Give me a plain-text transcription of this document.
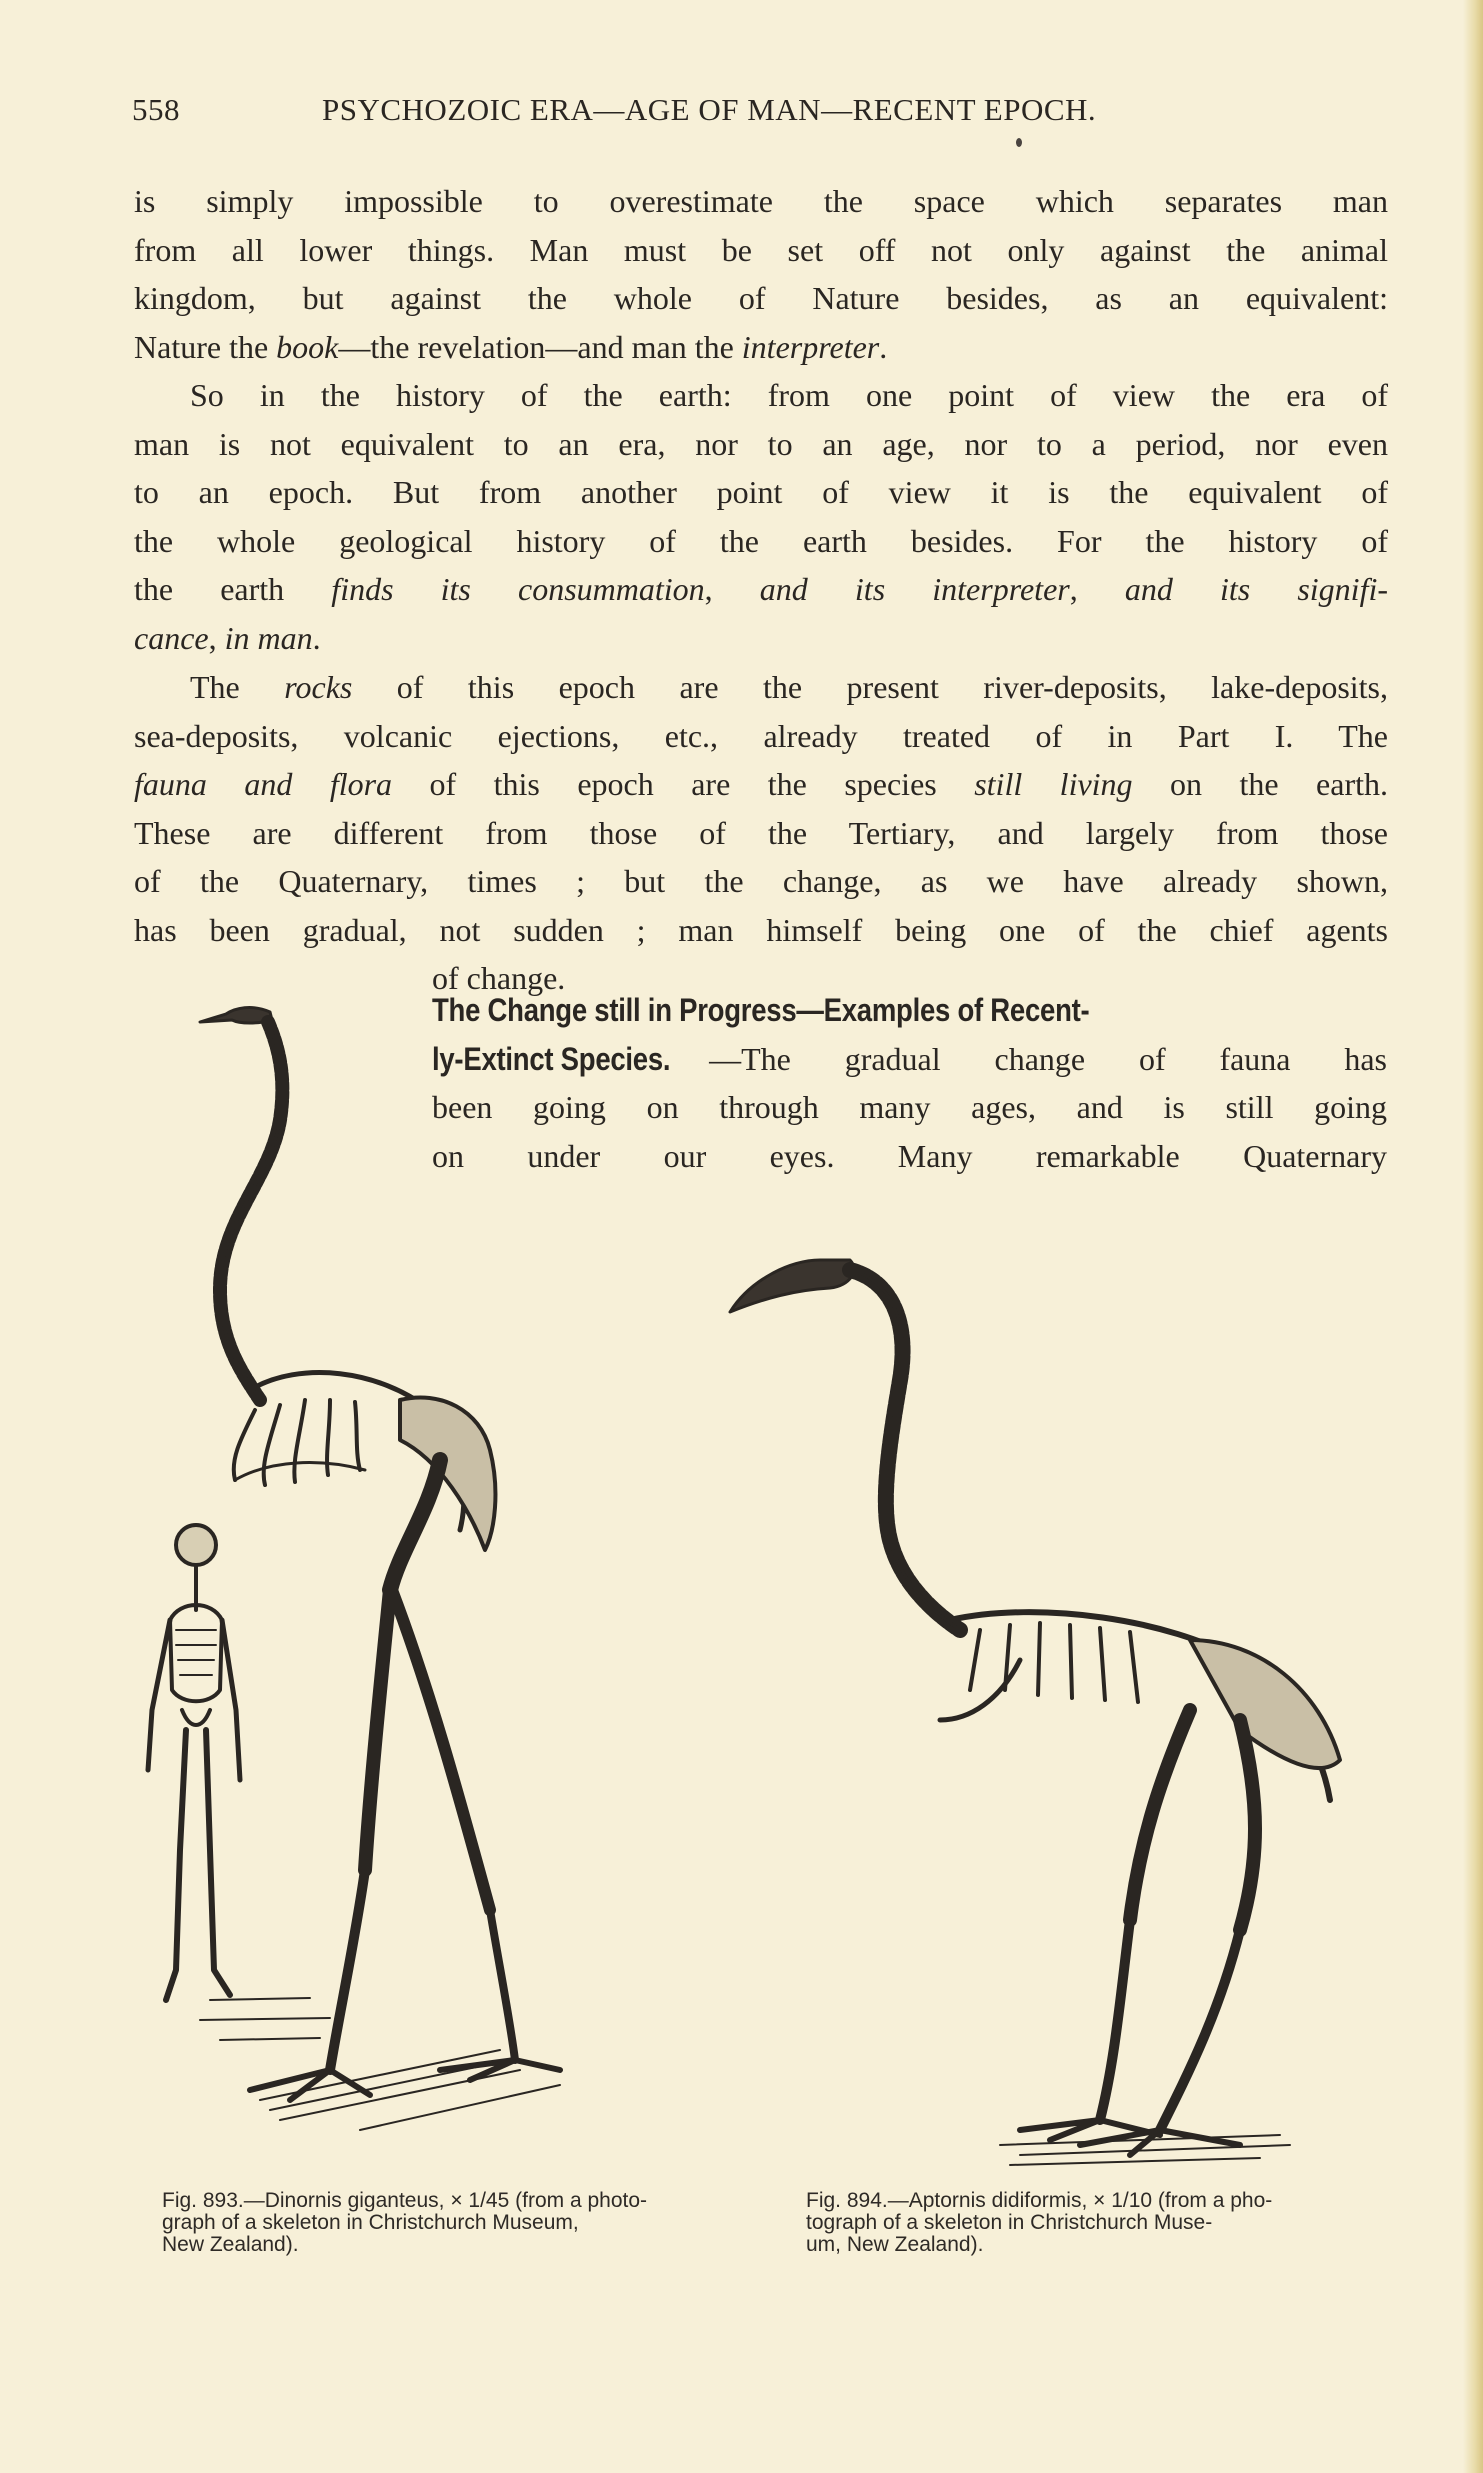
558	PSYCHOZOIC ERA—AGE OF MAN—RECENT EPOCH.
is simply impossible to overestimate the space which separates man
from all lower things. Man must be set off not only against the animal
kingdom, but against the whole of Nature besides, as an equivalent:
Nature the book—the revelation—and man the interpreter.
So in the history of the earth: from one point of view the era of
man is not equivalent to an era, nor to an age, nor to a period, nor even
to an epoch. But from another point of view it is the equivalent of
the whole geological history of the earth besides. For the history of
the earth finds its consummation, and its interpreter, and its signifi-
cance, in man.
The rocks of this epoch are the present river-deposits, lake-deposits,
sea-deposits, volcanic ejections, etc., already treated of in Part I. The
fauna and flora of this epoch are the species still living on the earth.
These are different from those of the Tertiary, and largely from those
of the Quaternary, times ; but the change, as we have already shown,
has been gradual, not sudden ; man himself being one of the chief agents
of change.
The Change still in Progress—Examples of Recent-
ly-Extinct Species. —The gradual change of fauna has
been going on through many ages, and is still going
on under our eyes. Many remarkable Quaternary
Fig. 893.—Dinornis giganteus, × 1/45 (from a photo-
graph of a skeleton in Christchurch Museum,
New Zealand).
Fig. 894.—Aptornis didiformis, × 1/10 (from a pho-
tograph of a skeleton in Christchurch Muse-
um, New Zealand).
